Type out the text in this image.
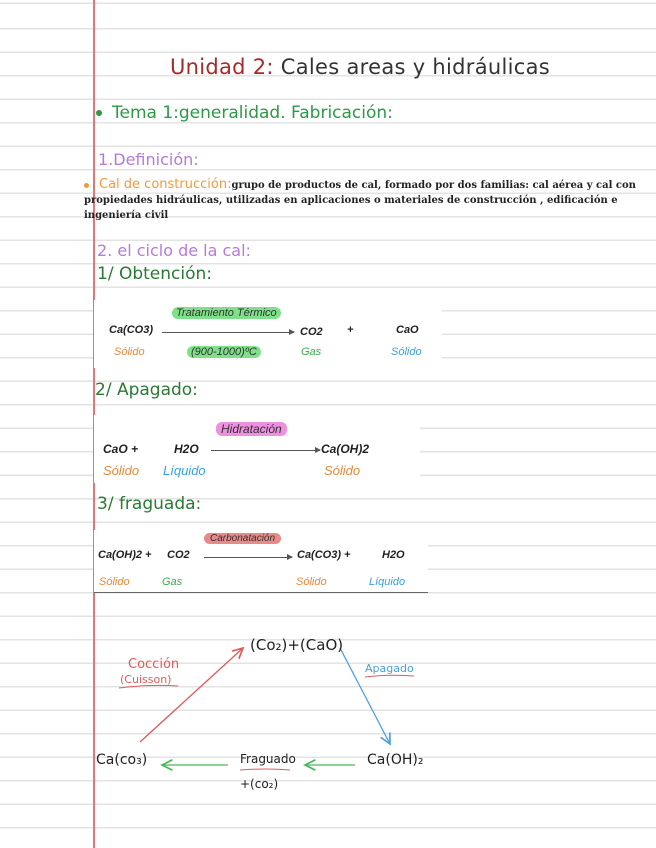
Unidad 2: Cales areas y hidráulicas
Tema 1:generalidad. Fabricación:
1.Definición:
Cal de construcción:grupo de productos de cal, formado por dos familias: cal aérea y cal con propiedades hidráulicas, utilizadas en aplicaciones o materiales de construcción , edificación e ingeniería civil
2. el ciclo de la cal:
1/ Obtención:
Tratamiento Térmico
Ca(CO3)	CO2 +	CaO
Sólido	(900-1000)ºC	Gas	Sólido
2/ Apagado:
Hidratación
CaO +	H2O	Ca(OH)2
Sólido Líquido	Sólido
3/ fraguada:
Carbonatación
Ca(OH)2 + CO2	Ca(CO3) +	H2O
Sólido	Gas	Sólido	Líquido
(Co₂)+(CaO)
Cocción
(Cuisson)
Apagado
Ca(co₃)	Fraguado
+(co₂)
Ca(OH)₂
